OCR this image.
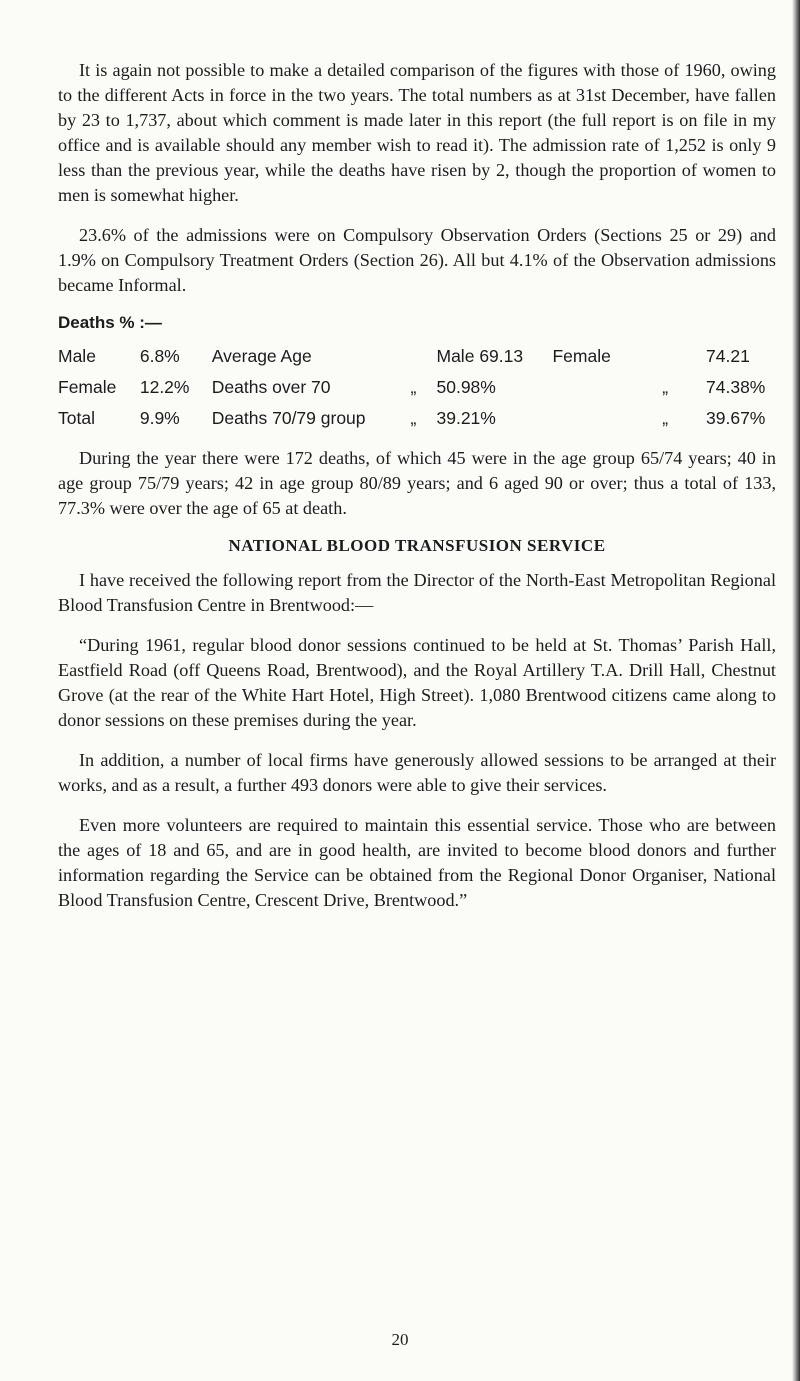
It is again not possible to make a detailed comparison of the figures with those of 1960, owing to the different Acts in force in the two years. The total numbers as at 31st December, have fallen by 23 to 1,737, about which comment is made later in this report (the full report is on file in my office and is available should any member wish to read it). The admission rate of 1,252 is only 9 less than the previous year, while the deaths have risen by 2, though the proportion of women to men is somewhat higher.

23.6% of the admissions were on Compulsory Observation Orders (Sections 25 or 29) and 1.9% on Compulsory Treatment Orders (Section 26). All but 4.1% of the Observation admissions became Informal.

Deaths % :—
Male	6.8%	Average Age		Male 69.13	Female		74.21
Female	12.2%	Deaths over 70	„	50.98%		„	74.38%
Total	9.9%	Deaths 70/79 group	„	39.21%		„	39.67%

During the year there were 172 deaths, of which 45 were in the age group 65/74 years; 40 in age group 75/79 years; 42 in age group 80/89 years; and 6 aged 90 or over; thus a total of 133, 77.3% were over the age of 65 at death.

NATIONAL BLOOD TRANSFUSION SERVICE

I have received the following report from the Director of the North-East Metropolitan Regional Blood Transfusion Centre in Brentwood:—

“During 1961, regular blood donor sessions continued to be held at St. Thomas’ Parish Hall, Eastfield Road (off Queens Road, Brentwood), and the Royal Artillery T.A. Drill Hall, Chestnut Grove (at the rear of the White Hart Hotel, High Street). 1,080 Brentwood citizens came along to donor sessions on these premises during the year.

In addition, a number of local firms have generously allowed sessions to be arranged at their works, and as a result, a further 493 donors were able to give their services.

Even more volunteers are required to maintain this essential service. Those who are between the ages of 18 and 65, and are in good health, are invited to become blood donors and further information regarding the Service can be obtained from the Regional Donor Organiser, National Blood Transfusion Centre, Crescent Drive, Brentwood.”

20
